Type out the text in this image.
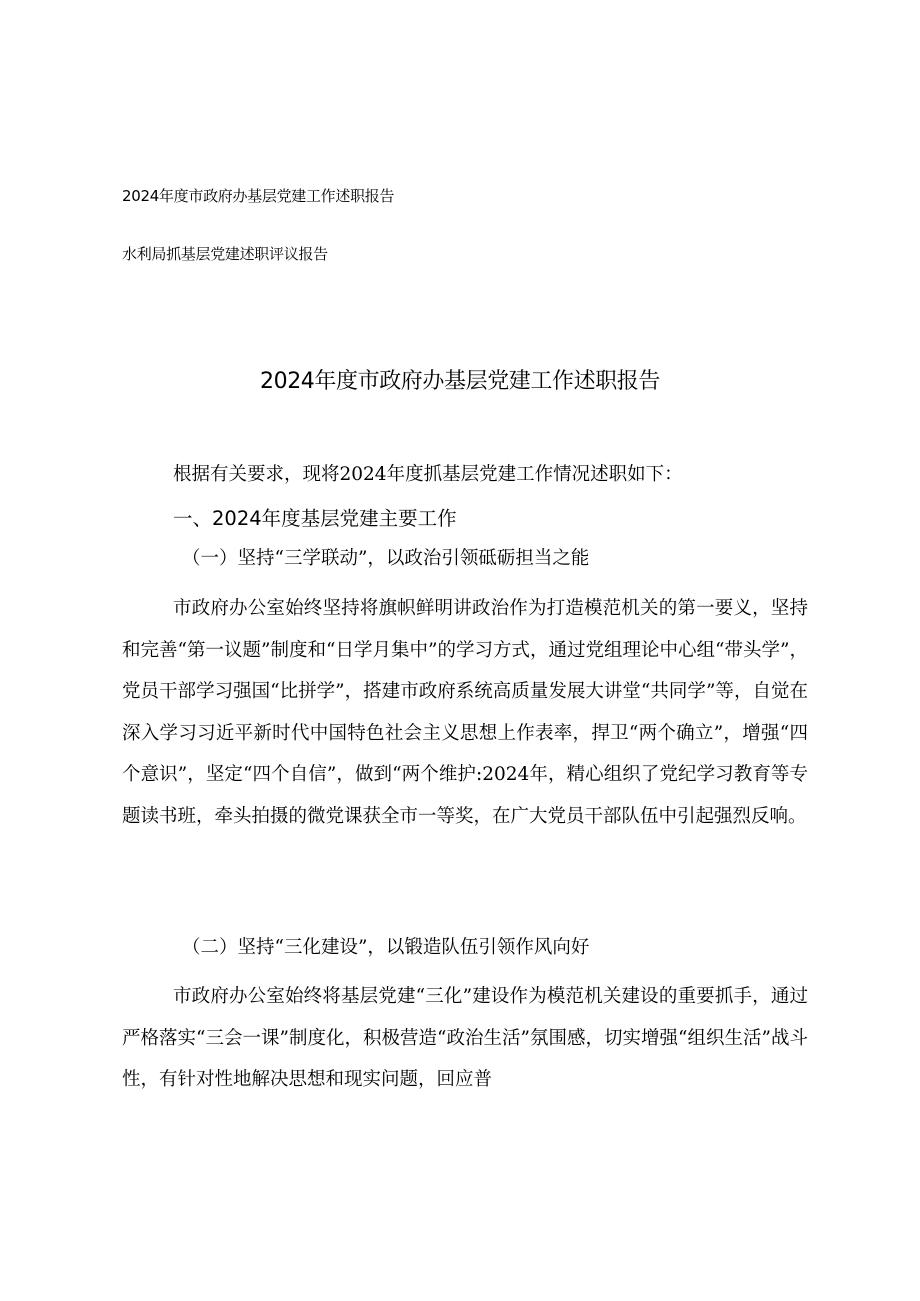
2024年度市政府办基层党建工作述职报告
水利局抓基层党建述职评议报告
2024年度市政府办基层党建工作述职报告
根据有关要求，现将2024年度抓基层党建工作情况述职如下：
一、2024年度基层党建主要工作
（一）坚持“三学联动”，以政治引领砥砺担当之能

市政府办公室始终坚持将旗帜鲜明讲政治作为打造模范机关的第一要义，坚持和完善“第一议题”制度和“日学月集中”的学习方式，通过党组理论中心组“带头学”，党员干部学习强国“比拼学”，搭建市政府系统高质量发展大讲堂“共同学”等，自觉在深入学习习近平新时代中国特色社会主义思想上作表率，捍卫“两个确立”，增强“四个意识”，坚定“四个自信”，做到“两个维护:2024年，精心组织了党纪学习教育等专题读书班，牵头拍摄的微党课获全市一等奖，在广大党员干部队伍中引起强烈反响。

（二）坚持“三化建设”，以锻造队伍引领作风向好

市政府办公室始终将基层党建“三化”建设作为模范机关建设的重要抓手，通过严格落实“三会一课”制度化，积极营造“政治生活”氛围感，切实增强“组织生活”战斗性，有针对性地解决思想和现实问题，回应普
